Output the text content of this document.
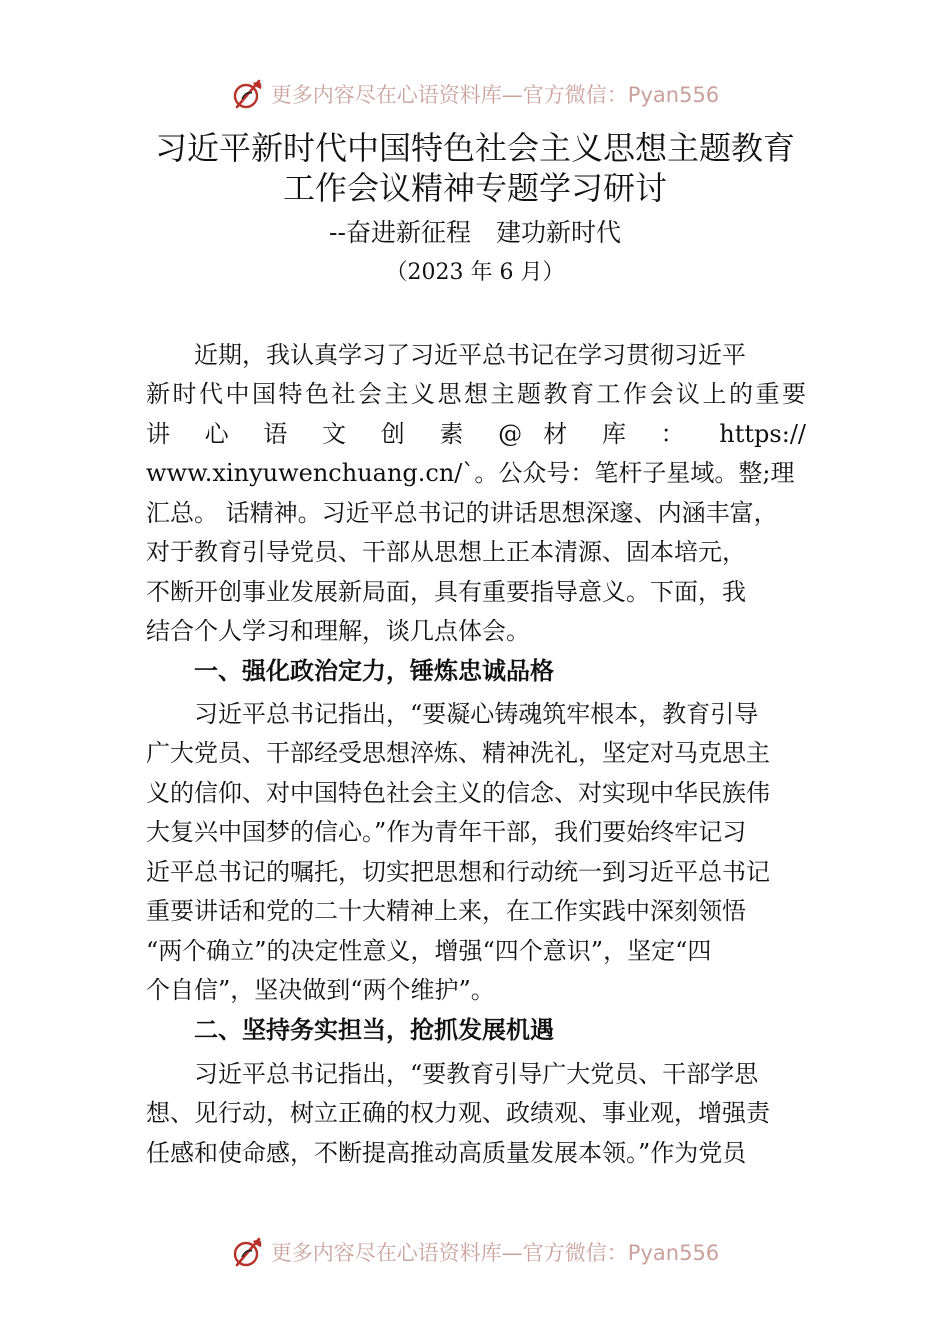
更多内容尽在心语资料库—官方微信：Pyan556
习近平新时代中国特色社会主义思想主题教育
工作会议精神专题学习研讨
--奋进新征程　建功新时代
（2023 年 6 月）
近期，我认真学习了习近平总书记在学习贯彻习近平
新时代中国特色社会主义思想主题教育工作会议上的重要
讲 心 语 文 创 素 @ 材 库 ： https://
www.xinyuwenchuang.cn/`。公众号：笔杆子星域。整;理
汇总。 话精神。习近平总书记的讲话思想深邃、内涵丰富，
对于教育引导党员、干部从思想上正本清源、固本培元，
不断开创事业发展新局面，具有重要指导意义。下面，我
结合个人学习和理解，谈几点体会。
一、强化政治定力，锤炼忠诚品格
习近平总书记指出，“要凝心铸魂筑牢根本，教育引导
广大党员、干部经受思想淬炼、精神洗礼，坚定对马克思主
义的信仰、对中国特色社会主义的信念、对实现中华民族伟
大复兴中国梦的信心。”作为青年干部，我们要始终牢记习
近平总书记的嘱托，切实把思想和行动统一到习近平总书记
重要讲话和党的二十大精神上来，在工作实践中深刻领悟
“两个确立”的决定性意义，增强“四个意识”，坚定“四
个自信”，坚决做到“两个维护”。
二、坚持务实担当，抢抓发展机遇
习近平总书记指出，“要教育引导广大党员、干部学思
想、见行动，树立正确的权力观、政绩观、事业观，增强责
任感和使命感，不断提高推动高质量发展本领。”作为党员
更多内容尽在心语资料库—官方微信：Pyan556
